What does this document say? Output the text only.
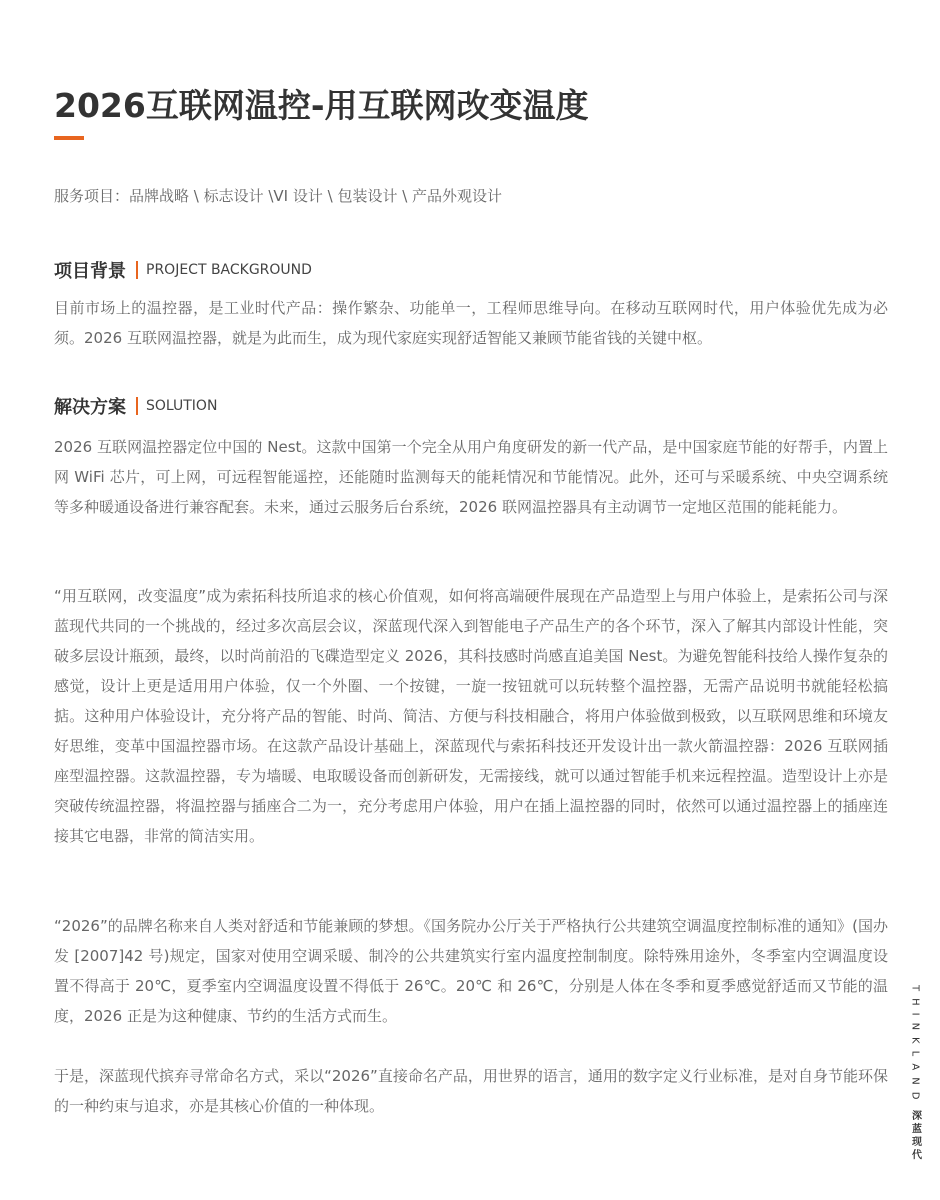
2026互联网温控-用互联网改变温度
服务项目：品牌战略 \ 标志设计 \VI 设计 \ 包装设计 \ 产品外观设计
项目背景 PROJECT BACKGROUND

目前市场上的温控器，是工业时代产品：操作繁杂、功能单一，工程师思维导向。在移动互联网时代，用户体验优先成为必须。2026 互联网温控器，就是为此而生，成为现代家庭实现舒适智能又兼顾节能省钱的关键中枢。

解决方案 SOLUTION

2026 互联网温控器定位中国的 Nest。这款中国第一个完全从用户角度研发的新一代产品，是中国家庭节能的好帮手，内置上网 WiFi 芯片，可上网，可远程智能遥控，还能随时监测每天的能耗情况和节能情况。此外，还可与采暖系统、中央空调系统等多种暖通设备进行兼容配套。未来，通过云服务后台系统，2026 联网温控器具有主动调节一定地区范围的能耗能力。

“用互联网，改变温度”成为索拓科技所追求的核心价值观，如何将高端硬件展现在产品造型上与用户体验上，是索拓公司与深蓝现代共同的一个挑战的，经过多次高层会议，深蓝现代深入到智能电子产品生产的各个环节，深入了解其内部设计性能，突破多层设计瓶颈，最终，以时尚前沿的飞碟造型定义 2026，其科技感时尚感直追美国 Nest。为避免智能科技给人操作复杂的感觉，设计上更是适用用户体验，仅一个外圈、一个按键，一旋一按钮就可以玩转整个温控器，无需产品说明书就能轻松搞掂。这种用户体验设计，充分将产品的智能、时尚、简洁、方便与科技相融合，将用户体验做到极致，以互联网思维和环境友好思维，变革中国温控器市场。在这款产品设计基础上，深蓝现代与索拓科技还开发设计出一款火箭温控器：2026 互联网插座型温控器。这款温控器，专为墙暖、电取暖设备而创新研发，无需接线，就可以通过智能手机来远程控温。造型设计上亦是突破传统温控器，将温控器与插座合二为一，充分考虑用户体验，用户在插上温控器的同时，依然可以通过温控器上的插座连接其它电器，非常的简洁实用。

“2026”的品牌名称来自人类对舒适和节能兼顾的梦想。《国务院办公厅关于严格执行公共建筑空调温度控制标准的通知》(国办发 [2007]42 号)规定，国家对使用空调采暖、制冷的公共建筑实行室内温度控制制度。除特殊用途外，冬季室内空调温度设置不得高于 20℃，夏季室内空调温度设置不得低于 26℃。20℃ 和 26℃，分别是人体在冬季和夏季感觉舒适而又节能的温度，2026 正是为这种健康、节约的生活方式而生。

于是，深蓝现代摈弃寻常命名方式，采以“2026”直接命名产品，用世界的语言，通用的数字定义行业标准，是对自身节能环保的一种约束与追求，亦是其核心价值的一种体现。	THINKLAND
深蓝现代
